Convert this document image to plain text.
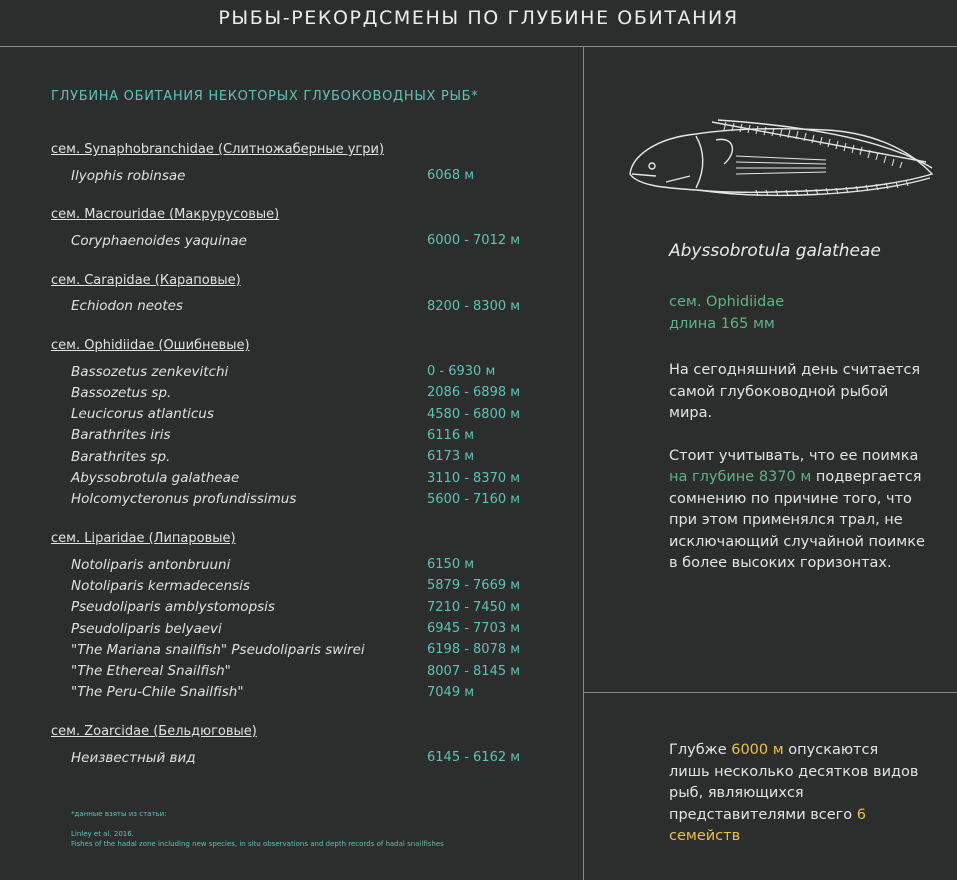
РЫБЫ-РЕКОРДСМЕНЫ ПО ГЛУБИНЕ ОБИТАНИЯ
ГЛУБИНА ОБИТАНИЯ НЕКОТОРЫХ ГЛУБОКОВОДНЫХ РЫБ*
сем. Synaphobranchidae (Слитножаберные угри)
Ilyophis robinsae	6068 м
сем. Macrouridae (Макрурусовые)
Coryphaenoides yaquinae	6000 - 7012 м
сем. Carapidae (Карaповые)
Echiodon neotes	8200 - 8300 м
сем. Ophidiidae (Ошибневые)
Bassozetus zenkevitchi	0 - 6930 м
Bassozetus sp.	2086 - 6898 м
Leucicorus atlanticus	4580 - 6800 м
Barathrites iris	6116 м
Barathrites sp.	6173 м
Abyssobrotula galatheae	3110 - 8370 м
Holcomycteronus profundissimus	5600 - 7160 м
сем. Liparidae (Липаровые)
Notoliparis antonbruuni	6150 м
Notoliparis kermadecensis	5879 - 7669 м
Pseudoliparis amblystomopsis	7210 - 7450 м
Pseudoliparis belyaevi	6945 - 7703 м
"The Mariana snailfish" Pseudoliparis swirei	6198 - 8078 м
"The Ethereal Snailfish"	8007 - 8145 м
"The Peru-Chile Snailfish"	7049 м
сем. Zoarcidae (Бельдюговые)
Неизвестный вид	6145 - 6162 м
*данные взяты из статьи:
Linley et al. 2016.
Fishes of the hadal zone including new species, in situ observations and depth records of hadal snailfishes
Abyssobrotula galatheae
сем. Ophidiidae
длина 165 мм

На сегодняшний день считается самой глубоководной рыбой мира.

Стоит учитывать, что ее поимка на глубине 8370 м подвергается сомнению по причине того, что при этом применялся трал, не исключающий случайной поимке в более высоких горизонтах.

Глубже 6000 м опускаются лишь несколько десятков видов рыб, являющихся представителями всего 6 семейств
